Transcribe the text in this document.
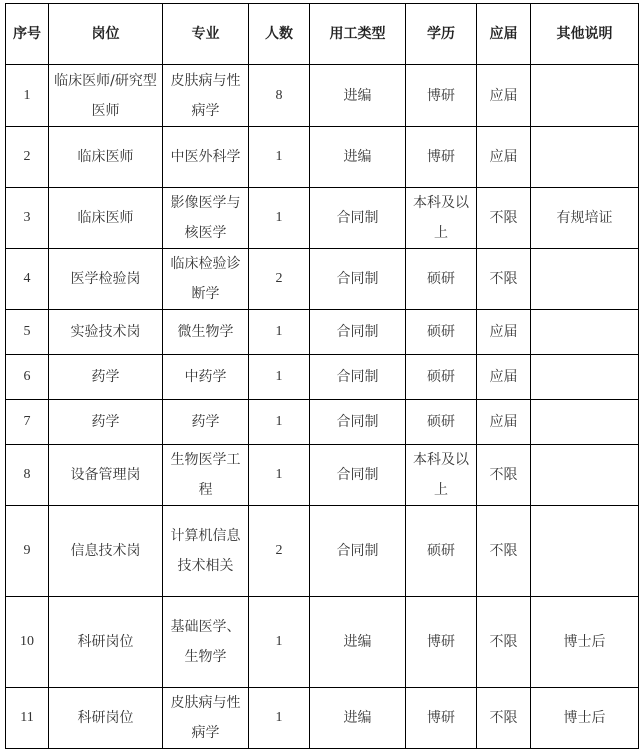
序号	岗位	专业	人数	用工类型	学历	应届	其他说明
1	临床医师/研究型医师	皮肤病与性病学	8	进编	博研	应届	
2	临床医师	中医外科学	1	进编	博研	应届	
3	临床医师	影像医学与核医学	1	合同制	本科及以上	不限	有规培证
4	医学检验岗	临床检验诊断学	2	合同制	硕研	不限	
5	实验技术岗	微生物学	1	合同制	硕研	应届	
6	药学	中药学	1	合同制	硕研	应届	
7	药学	药学	1	合同制	硕研	应届	
8	设备管理岗	生物医学工程	1	合同制	本科及以上	不限	
9	信息技术岗	计算机信息技术相关	2	合同制	硕研	不限	
10	科研岗位	基础医学、生物学	1	进编	博研	不限	博士后
11	科研岗位	皮肤病与性病学	1	进编	博研	不限	博士后
